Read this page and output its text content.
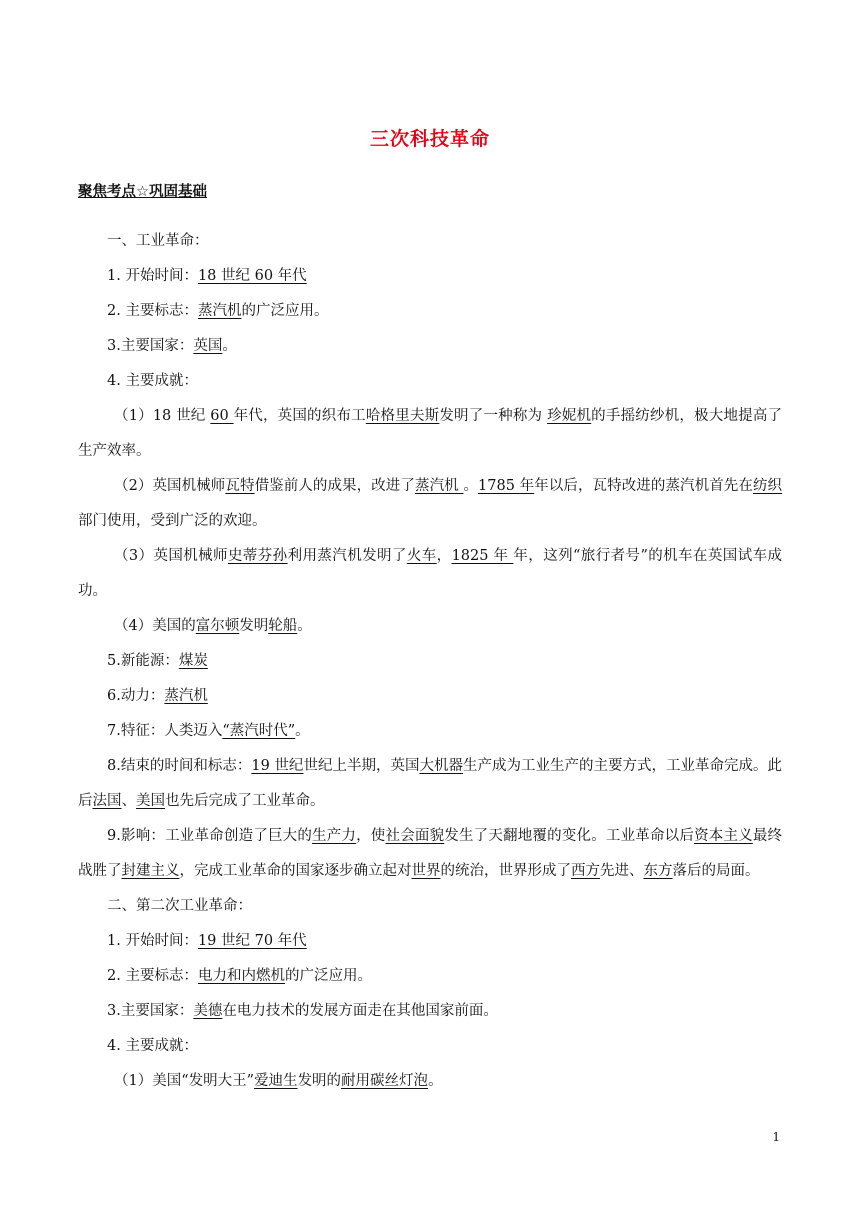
三次科技革命
聚焦考点☆巩固基础

一、工业革命：

1. 开始时间：18 世纪 60 年代

2. 主要标志：蒸汽机的广泛应用。

3.主要国家：英国。

4. 主要成就：

（1）18 世纪 60 年代，英国的织布工哈格里夫斯发明了一种称为 珍妮机的手摇纺纱机，极大地提高了生产效率。

（2）英国机械师瓦特借鉴前人的成果，改进了蒸汽机 。1785 年年以后，瓦特改进的蒸汽机首先在纺织部门使用，受到广泛的欢迎。

（3）英国机械师史蒂芬孙利用蒸汽机发明了火车，1825 年 年，这列“旅行者号”的机车在英国试车成功。

（4）美国的富尔顿发明轮船。

5.新能源：煤炭

6.动力：蒸汽机

7.特征：人类迈入“蒸汽时代”。

8.结束的时间和标志：19 世纪世纪上半期，英国大机器生产成为工业生产的主要方式，工业革命完成。此后法国、美国也先后完成了工业革命。

9.影响：工业革命创造了巨大的生产力，使社会面貌发生了天翻地覆的变化。工业革命以后资本主义最终战胜了封建主义，完成工业革命的国家逐步确立起对世界的统治，世界形成了西方先进、东方落后的局面。

二、第二次工业革命：

1. 开始时间：19 世纪 70 年代

2. 主要标志：电力和内燃机的广泛应用。

3.主要国家：美德在电力技术的发展方面走在其他国家前面。

4. 主要成就：

（1）美国“发明大王”爱迪生发明的耐用碳丝灯泡。

1
